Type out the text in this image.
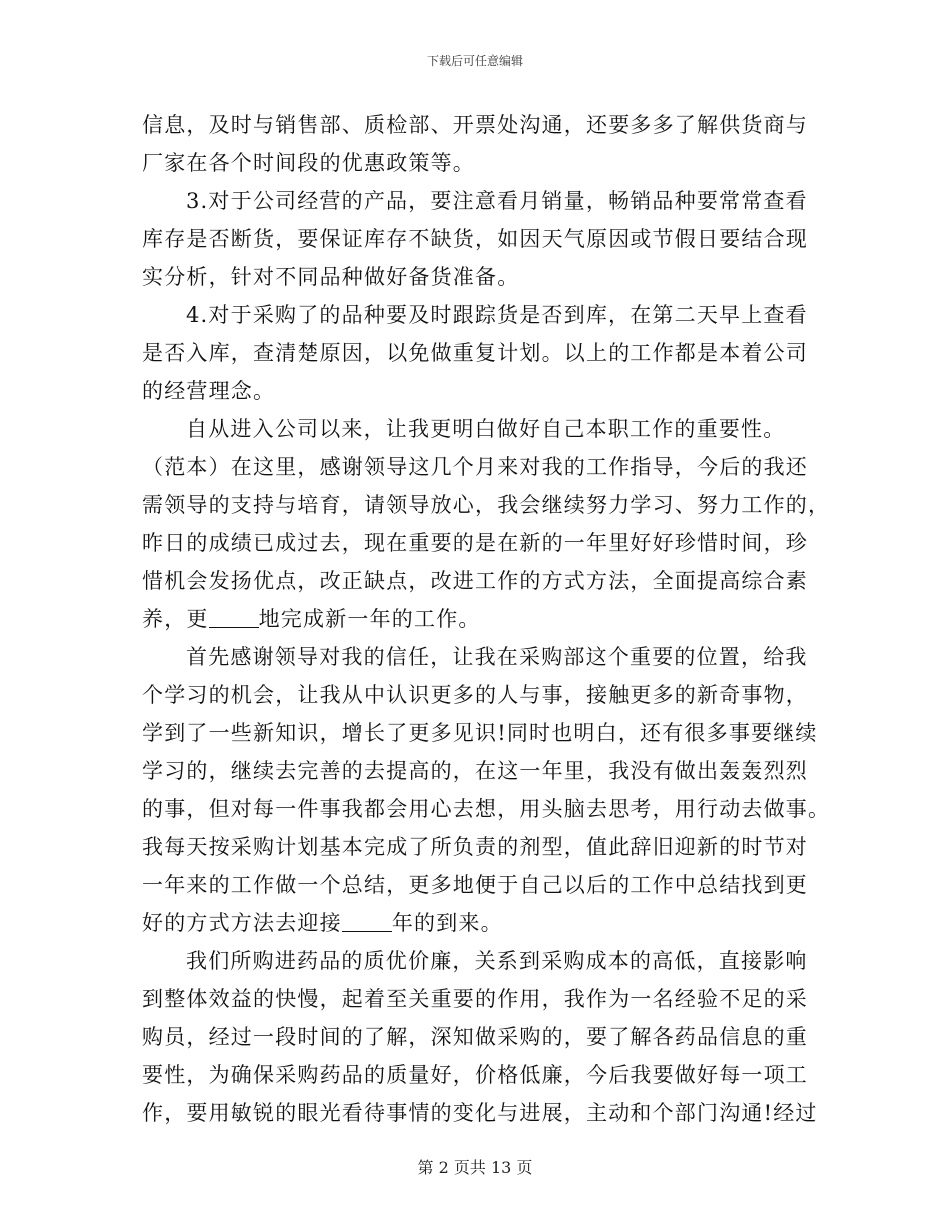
下载后可任意编辑
信息，及时与销售部、质检部、开票处沟通，还要多多了解供货商与
厂家在各个时间段的优惠政策等。
3.对于公司经营的产品，要注意看月销量，畅销品种要常常查看
库存是否断货，要保证库存不缺货，如因天气原因或节假日要结合现
实分析，针对不同品种做好备货准备。
4.对于采购了的品种要及时跟踪货是否到库，在第二天早上查看
是否入库，查清楚原因，以免做重复计划。以上的工作都是本着公司
的经营理念。
自从进入公司以来，让我更明白做好自己本职工作的重要性。
（范本）在这里，感谢领导这几个月来对我的工作指导，今后的我还
需领导的支持与培育，请领导放心，我会继续努力学习、努力工作的，
昨日的成绩已成过去，现在重要的是在新的一年里好好珍惜时间，珍
惜机会发扬优点，改正缺点，改进工作的方式方法，全面提高综合素
养，更 地完成新一年的工作。
首先感谢领导对我的信任，让我在采购部这个重要的位置，给我
个学习的机会，让我从中认识更多的人与事，接触更多的新奇事物，
学到了一些新知识，增长了更多见识!同时也明白，还有很多事要继续
学习的，继续去完善的去提高的，在这一年里，我没有做出轰轰烈烈
的事，但对每一件事我都会用心去想，用头脑去思考，用行动去做事。
我每天按采购计划基本完成了所负责的剂型，值此辞旧迎新的时节对
一年来的工作做一个总结，更多地便于自己以后的工作中总结找到更
好的方式方法去迎接 年的到来。
我们所购进药品的质优价廉，关系到采购成本的高低，直接影响
到整体效益的快慢，起着至关重要的作用，我作为一名经验不足的采
购员，经过一段时间的了解，深知做采购的，要了解各药品信息的重
要性，为确保采购药品的质量好，价格低廉，今后我要做好每一项工
作，要用敏锐的眼光看待事情的变化与进展，主动和个部门沟通!经过
第 2 页共 13 页
